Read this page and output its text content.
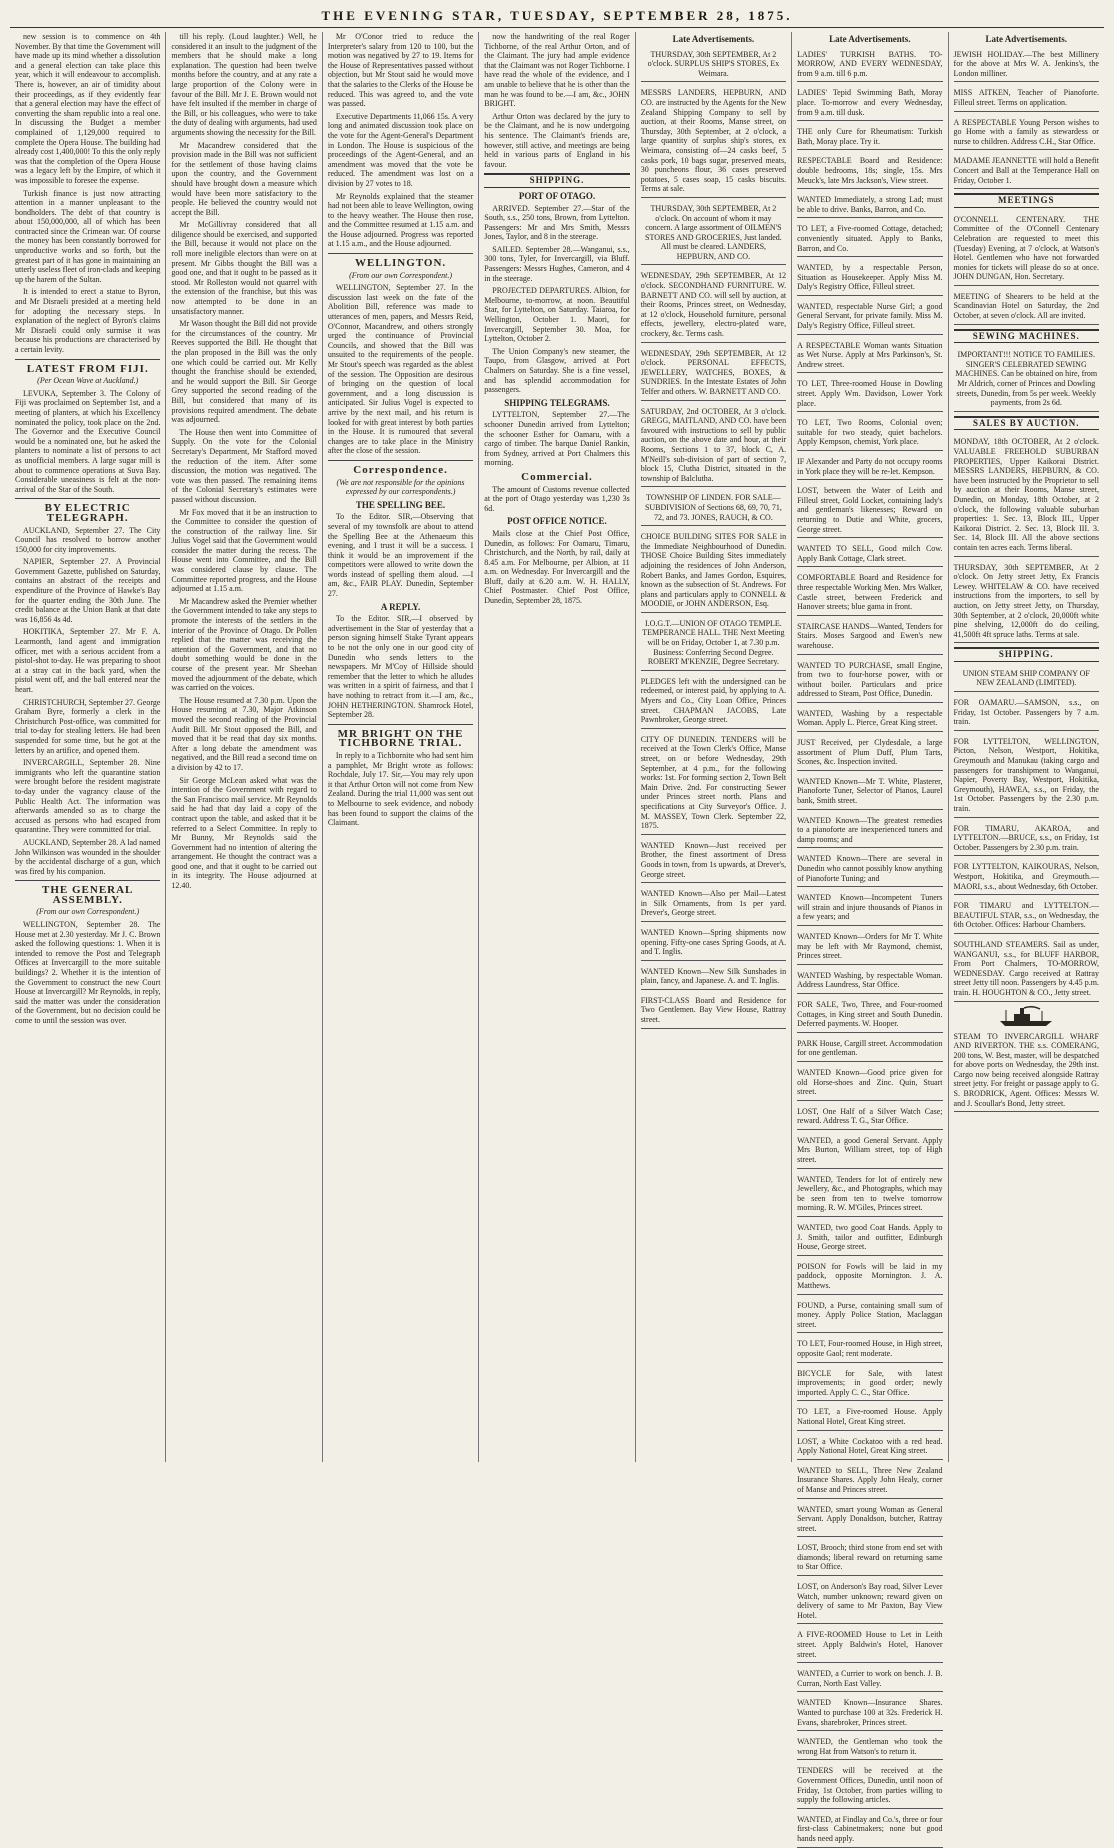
THE EVENING STAR, TUESDAY, SEPTEMBER 28, 1875.

new session is to commence on 4th November. By that time the Government will have made up its mind whether a dissolution and a general election can take place this year, which it will endeavour to accomplish. There is, however, an air of timidity about their proceedings, as if they evidently fear that a general election may have the effect of converting the sham republic into a real one. In discussing the Budget a member complained of 1,129,000 required to complete the Opera House. The building had already cost 1,400,000! To this the only reply was that the completion of the Opera House was a legacy left by the Empire, of which it was impossible to foresee the expense.

Turkish finance is just now attracting attention in a manner unpleasant to the bondholders. The debt of that country is about 150,000,000, all of which has been contracted since the Crimean war. Of course the money has been constantly borrowed for unproductive works and so forth, but the greatest part of it has gone in maintaining an utterly useless fleet of iron-clads and keeping up the harem of the Sultan.

It is intended to erect a statue to Byron, and Mr Disraeli presided at a meeting held for adopting the necessary steps. In explanation of the neglect of Byron's claims Mr Disraeli could only surmise it was because his productions are characterised by a certain levity.

LATEST FROM FIJI.
(Per Ocean Wave at Auckland.)

LEVUKA, September 3. The Colony of Fiji was proclaimed on September 1st, and a meeting of planters, at which his Excellency nominated the policy, took place on the 2nd. The Governor and the Executive Council would be a nominated one, but he asked the planters to nominate a list of persons to act as unofficial members. A large sugar mill is about to commence operations at Suva Bay. Considerable uneasiness is felt at the non-arrival of the Star of the South.

BY ELECTRIC TELEGRAPH.

AUCKLAND, September 27. The City Council has resolved to borrow another 150,000 for city improvements.

NAPIER, September 27. A Provincial Government Gazette, published on Saturday, contains an abstract of the receipts and expenditure of the Province of Hawke's Bay for the quarter ending the 30th June. The credit balance at the Union Bank at that date was 16,856 4s 4d.

HOKITIKA, September 27. Mr F. A. Learmonth, land agent and immigration officer, met with a serious accident from a pistol-shot to-day. He was preparing to shoot at a stray cat in the back yard, when the pistol went off, and the ball entered near the heart.

CHRISTCHURCH, September 27. George Graham Byre, formerly a clerk in the Christchurch Post-office, was committed for trial to-day for stealing letters. He had been suspended for some time, but he got at the letters by an artifice, and opened them.

INVERCARGILL, September 28. Nine immigrants who left the quarantine station were brought before the resident magistrate to-day under the vagrancy clause of the Public Health Act. The information was afterwards amended so as to charge the accused as persons who had escaped from quarantine. They were committed for trial.

AUCKLAND, September 28. A lad named John Wilkinson was wounded in the shoulder by the accidental discharge of a gun, which was fired by his companion.

THE GENERAL ASSEMBLY.
(From our own Correspondent.)

WELLINGTON, September 28. The House met at 2.30 yesterday. Mr J. C. Brown asked the following questions: 1. When it is intended to remove the Post and Telegraph Offices at Invercargill to the more suitable buildings? 2. Whether it is the intention of the Government to construct the new Court House at Invercargill? Mr Reynolds, in reply, said the matter was under the consideration of the Government, but no decision could be come to until the session was over.

till his reply. (Loud laughter.) Well, he considered it an insult to the judgment of the members that he should make a long explanation. The question had been twelve months before the country, and at any rate a large proportion of the Colony were in favour of the Bill. Mr J. E. Brown would not have felt insulted if the member in charge of the Bill, or his colleagues, who were to take the duty of dealing with arguments, had used arguments showing the necessity for the Bill.

Mr Macandrew considered that the provision made in the Bill was not sufficient for the settlement of those having claims upon the country, and the Government should have brought down a measure which would have been more satisfactory to the people. He believed the country would not accept the Bill.

Mr McGillivray considered that all diligence should be exercised, and supported the Bill, because it would not place on the roll more ineligible electors than were on at present. Mr Gibbs thought the Bill was a good one, and that it ought to be passed as it stood. Mr Rolleston would not quarrel with the extension of the franchise, but this was now attempted to be done in an unsatisfactory manner.

Mr Wason thought the Bill did not provide for the circumstances of the country. Mr Reeves supported the Bill. He thought that the plan proposed in the Bill was the only one which could be carried out. Mr Kelly thought the franchise should be extended, and he would support the Bill. Sir George Grey supported the second reading of the Bill, but considered that many of its provisions required amendment. The debate was adjourned.

The House then went into Committee of Supply. On the vote for the Colonial Secretary's Department, Mr Stafford moved the reduction of the item. After some discussion, the motion was negatived. The vote was then passed. The remaining items of the Colonial Secretary's estimates were passed without discussion.

Mr Fox moved that it be an instruction to the Committee to consider the question of the construction of the railway line. Sir Julius Vogel said that the Government would consider the matter during the recess. The House went into Committee, and the Bill was considered clause by clause. The Committee reported progress, and the House adjourned at 1.15 a.m.

Mr Macandrew asked the Premier whether the Government intended to take any steps to promote the interests of the settlers in the interior of the Province of Otago. Dr Pollen replied that the matter was receiving the attention of the Government, and that no doubt something would be done in the course of the present year. Mr Sheehan moved the adjournment of the debate, which was carried on the voices.

The House resumed at 7.30 p.m. Upon the House resuming at 7.30, Major Atkinson moved the second reading of the Provincial Audit Bill. Mr Stout opposed the Bill, and moved that it be read that day six months. After a long debate the amendment was negatived, and the Bill read a second time on a division by 42 to 17.

Sir George McLean asked what was the intention of the Government with regard to the San Francisco mail service. Mr Reynolds said he had that day laid a copy of the contract upon the table, and asked that it be referred to a Select Committee. In reply to Mr Bunny, Mr Reynolds said the Government had no intention of altering the arrangement. He thought the contract was a good one, and that it ought to be carried out in its integrity. The House adjourned at 12.40.

Mr O'Conor tried to reduce the Interpreter's salary from 120 to 100, but the motion was negatived by 27 to 19. Items for the House of Representatives passed without objection, but Mr Stout said he would move that the salaries to the Clerks of the House be reduced. This was agreed to, and the vote was passed.

Executive Departments 11,066 15s. A very long and animated discussion took place on the vote for the Agent-General's Department in London. The House is suspicious of the proceedings of the Agent-General, and an amendment was moved that the vote be reduced. The amendment was lost on a division by 27 votes to 18.

Mr Reynolds explained that the steamer had not been able to leave Wellington, owing to the heavy weather. The House then rose, and the Committee resumed at 1.15 a.m. and the House adjourned. Progress was reported at 1.15 a.m., and the House adjourned.

WELLINGTON.
(From our own Correspondent.)

WELLINGTON, September 27. In the discussion last week on the fate of the Abolition Bill, reference was made to utterances of men, papers, and Messrs Reid, O'Connor, Macandrew, and others strongly urged the continuance of Provincial Councils, and showed that the Bill was unsuited to the requirements of the people. Mr Stout's speech was regarded as the ablest of the session. The Opposition are desirous of bringing on the question of local government, and a long discussion is anticipated. Sir Julius Vogel is expected to arrive by the next mail, and his return is looked for with great interest by both parties in the House. It is rumoured that several changes are to take place in the Ministry after the close of the session.

Correspondence.
(We are not responsible for the opinions expressed by our correspondents.)
THE SPELLING BEE.

To the Editor. SIR,—Observing that several of my townsfolk are about to attend the Spelling Bee at the Athenaeum this evening, and I trust it will be a success. I think it would be an improvement if the competitors were allowed to write down the words instead of spelling them aloud. —I am, &c., FAIR PLAY. Dunedin, September 27.

A REPLY.

To the Editor. SIR,—I observed by advertisement in the Star of yesterday that a person signing himself Stake Tyrant appears to be not the only one in our good city of Dunedin who sends letters to the newspapers. Mr M'Coy of Hillside should remember that the letter to which he alludes was written in a spirit of fairness, and that I have nothing to retract from it.—I am, &c., JOHN HETHERINGTON. Shamrock Hotel, September 28.

MR BRIGHT ON THE TICHBORNE TRIAL.

In reply to a Tichbornite who had sent him a pamphlet, Mr Bright wrote as follows: Rochdale, July 17. Sir,—You may rely upon it that Arthur Orton will not come from New Zealand. During the trial 11,000 was sent out to Melbourne to seek evidence, and nobody has been found to support the claims of the Claimant.

now the handwriting of the real Roger Tichborne, of the real Arthur Orton, and of the Claimant. The jury had ample evidence that the Claimant was not Roger Tichborne. I have read the whole of the evidence, and I am unable to believe that he is other than the man he was found to be.—I am, &c., JOHN BRIGHT.

Arthur Orton was declared by the jury to be the Claimant, and he is now undergoing his sentence. The Claimant's friends are, however, still active, and meetings are being held in various parts of England in his favour.

SHIPPING.
PORT OF OTAGO.

ARRIVED. September 27.—Star of the South, s.s., 250 tons, Brown, from Lyttelton. Passengers: Mr and Mrs Smith, Messrs Jones, Taylor, and 8 in the steerage.

SAILED. September 28.—Wanganui, s.s., 300 tons, Tyler, for Invercargill, via Bluff. Passengers: Messrs Hughes, Cameron, and 4 in the steerage.

PROJECTED DEPARTURES. Albion, for Melbourne, to-morrow, at noon. Beautiful Star, for Lyttelton, on Saturday. Taiaroa, for Wellington, October 1. Maori, for Invercargill, September 30. Moa, for Lyttelton, October 2.

The Union Company's new steamer, the Taupo, from Glasgow, arrived at Port Chalmers on Saturday. She is a fine vessel, and has splendid accommodation for passengers.

SHIPPING TELEGRAMS.

LYTTELTON, September 27.—The schooner Dunedin arrived from Lyttelton; the schooner Esther for Oamaru, with a cargo of timber. The barque Daniel Rankin, from Sydney, arrived at Port Chalmers this morning.

Commercial.

The amount of Customs revenue collected at the port of Otago yesterday was 1,230 3s 6d.

POST OFFICE NOTICE.

Mails close at the Chief Post Office, Dunedin, as follows: For Oamaru, Timaru, Christchurch, and the North, by rail, daily at 8.45 a.m. For Melbourne, per Albion, at 11 a.m. on Wednesday. For Invercargill and the Bluff, daily at 6.20 a.m. W. H. HALLY, Chief Postmaster. Chief Post Office, Dunedin, September 28, 1875.

Late Advertisements.

THURSDAY, 30th SEPTEMBER, At 2 o'clock. SURPLUS SHIP'S STORES, Ex Weimara.

MESSRS LANDERS, HEPBURN, AND CO. are instructed by the Agents for the New Zealand Shipping Company to sell by auction, at their Rooms, Manse street, on Thursday, 30th September, at 2 o'clock, a large quantity of surplus ship's stores, ex Weimara, consisting of—24 casks beef, 5 casks pork, 10 bags sugar, preserved meats, 30 puncheons flour, 36 cases preserved potatoes, 5 cases soap, 15 casks biscuits. Terms at sale.

THURSDAY, 30th SEPTEMBER, At 2 o'clock. On account of whom it may concern. A large assortment of OILMEN'S STORES AND GROCERIES, Just landed. All must be cleared. LANDERS, HEPBURN, AND CO.

WEDNESDAY, 29th SEPTEMBER, At 12 o'clock. SECONDHAND FURNITURE. W. BARNETT AND CO. will sell by auction, at their Rooms, Princes street, on Wednesday, at 12 o'clock, Household furniture, personal effects, jewellery, electro-plated ware, crockery, &c. Terms cash.

WEDNESDAY, 29th SEPTEMBER, At 12 o'clock. PERSONAL EFFECTS, JEWELLERY, WATCHES, BOXES, & SUNDRIES. In the Intestate Estates of John Telfer and others. W. BARNETT AND CO.

SATURDAY, 2nd OCTOBER, At 3 o'clock. GREGG, MAITLAND, AND CO. have been favoured with instructions to sell by public auction, on the above date and hour, at their Rooms, Sections 1 to 37, block C, A. M'Neill's sub-division of part of section 7, block 15, Clutha District, situated in the township of Balclutha.

TOWNSHIP OF LINDEN. FOR SALE—SUBDIVISION of Sections 68, 69, 70, 71, 72, and 73. JONES, RAUCH, & CO.

CHOICE BUILDING SITES FOR SALE in the Immediate Neighbourhood of Dunedin. THOSE Choice Building Sites immediately adjoining the residences of John Anderson, Robert Banks, and James Gordon, Esquires, known as the subsection of St. Andrews. For plans and particulars apply to CONNELL & MOODIE, or JOHN ANDERSON, Esq.

I.O.G.T.—UNION OF OTAGO TEMPLE. TEMPERANCE HALL. THE Next Meeting will be on Friday, October 1, at 7.30 p.m. Business: Conferring Second Degree. ROBERT M'KENZIE, Degree Secretary.

PLEDGES left with the undersigned can be redeemed, or interest paid, by applying to A. Myers and Co., City Loan Office, Princes street. CHAPMAN JACOBS, Late Pawnbroker, George street.

CITY OF DUNEDIN. TENDERS will be received at the Town Clerk's Office, Manse street, on or before Wednesday, 29th September, at 4 p.m., for the following works: 1st. For forming section 2, Town Belt Main Drive. 2nd. For constructing Sewer under Princes street north. Plans and specifications at City Surveyor's Office. J. M. MASSEY, Town Clerk. September 22, 1875.

WANTED Known—Just received per Brother, the finest assortment of Dress Goods in town, from 1s upwards, at Drever's, George street.

WANTED Known—Also per Mail—Latest in Silk Ornaments, from 1s per yard. Drever's, George street.

WANTED Known—Spring shipments now opening. Fifty-one cases Spring Goods, at A. and T. Inglis.

WANTED Known—New Silk Sunshades in plain, fancy, and Japanese. A. and T. Inglis.

FIRST-CLASS Board and Residence for Two Gentlemen. Bay View House, Rattray street.

Late Advertisements.

LADIES' TURKISH BATHS. TO-MORROW, AND EVERY WEDNESDAY, from 9 a.m. till 6 p.m.

LADIES' Tepid Swimming Bath, Moray place. To-morrow and every Wednesday, from 9 a.m. till dusk.

THE only Cure for Rheumatism: Turkish Bath, Moray place. Try it.

RESPECTABLE Board and Residence: double bedrooms, 18s; single, 15s. Mrs Meuck's, late Mrs Jackson's, View street.

WANTED Immediately, a strong Lad; must be able to drive. Banks, Barron, and Co.

TO LET, a Five-roomed Cottage, detached; conveniently situated. Apply to Banks, Barron, and Co.

WANTED, by a respectable Person, Situation as Housekeeper. Apply Miss M. Daly's Registry Office, Filleul street.

WANTED, respectable Nurse Girl; a good General Servant, for private family. Miss M. Daly's Registry Office, Filleul street.

A RESPECTABLE Woman wants Situation as Wet Nurse. Apply at Mrs Parkinson's, St. Andrew street.

TO LET, Three-roomed House in Dowling street. Apply Wm. Davidson, Lower York place.

TO LET, Two Rooms, Colonial oven; suitable for two steady, quiet bachelors. Apply Kempson, chemist, York place.

IF Alexander and Party do not occupy rooms in York place they will be re-let. Kempson.

LOST, between the Water of Leith and Filleul street, Gold Locket, containing lady's and gentleman's likenesses; Reward on returning to Dutie and White, grocers, George street.

WANTED TO SELL, Good milch Cow. Apply Bank Cottage, Clark street.

COMFORTABLE Board and Residence for three respectable Working Men. Mrs Walker, Castle street, between Frederick and Hanover streets; blue gama in front.

STAIRCASE HANDS—Wanted, Tenders for Stairs. Moses Sargood and Ewen's new warehouse.

WANTED TO PURCHASE, small Engine, from two to four-horse power, with or without boiler. Particulars and price addressed to Steam, Post Office, Dunedin.

WANTED, Washing by a respectable Woman. Apply L. Pierce, Great King street.

JUST Received, per Clydesdale, a large assortment of Plum Duff, Plum Tarts, Scones, &c. Inspection invited.

WANTED Known—Mr T. White, Plasterer, Pianoforte Tuner, Selector of Pianos, Laurel bank, Smith street.

WANTED Known—The greatest remedies to a pianoforte are inexperienced tuners and damp rooms; and

WANTED Known—There are several in Dunedin who cannot possibly know anything of Pianoforte Tuning; and

WANTED Known—Incompetent Tuners will strain and injure thousands of Pianos in a few years; and

WANTED Known—Orders for Mr T. White may be left with Mr Raymond, chemist, Princes street.

WANTED Washing, by respectable Woman. Address Laundress, Star Office.

FOR SALE, Two, Three, and Four-roomed Cottages, in King street and South Dunedin. Deferred payments. W. Hooper.

PARK House, Cargill street. Accommodation for one gentleman.

WANTED Known—Good price given for old Horse-shoes and Zinc. Quin, Stuart street.

LOST, One Half of a Silver Watch Case; reward. Address T. G., Star Office.

WANTED, a good General Servant. Apply Mrs Burton, William street, top of High street.

WANTED, Tenders for lot of entirely new Jewellery, &c., and Photographs, which may be seen from ten to twelve tomorrow morning. R. W. M'Giles, Princes street.

WANTED, two good Coat Hands. Apply to J. Smith, tailor and outfitter, Edinburgh House, George street.

POISON for Fowls will be laid in my paddock, opposite Mornington. J. A. Matthews.

FOUND, a Purse, containing small sum of money. Apply Police Station, Maclaggan street.

TO LET, Four-roomed House, in High street, opposite Gaol; rent moderate.

BICYCLE for Sale, with latest improvements; in good order; newly imported. Apply C. C., Star Office.

TO LET, a Five-roomed House. Apply National Hotel, Great King street.

LOST, a White Cockatoo with a red head. Apply National Hotel, Great King street.

WANTED to SELL, Three New Zealand Insurance Shares. Apply John Healy, corner of Manse and Princes street.

WANTED, smart young Woman as General Servant. Apply Donaldson, butcher, Rattray street.

LOST, Brooch; third stone from end set with diamonds; liberal reward on returning same to Star Office.

LOST, on Anderson's Bay road, Silver Lever Watch, number unknown; reward given on delivery of same to Mr Paxton, Bay View Hotel.

A FIVE-ROOMED House to Let in Leith street. Apply Baldwin's Hotel, Hanover street.

WANTED, a Currier to work on bench. J. B. Curran, North East Valley.

WANTED Known—Insurance Shares. Wanted to purchase 100 at 32s. Frederick H. Evans, sharebroker, Princes street.

WANTED, the Gentleman who took the wrong Hat from Watson's to return it.

TENDERS will be received at the Government Offices, Dunedin, until noon of Friday, 1st October, from parties willing to supply the following articles.

WANTED, at Findlay and Co.'s, three or four first-class Cabinetmakers; none but good hands need apply.

Late Advertisements.

JEWISH HOLIDAY.—The best Millinery for the above at Mrs W. A. Jenkins's, the London milliner.

MISS AITKEN, Teacher of Pianoforte. Filleul street. Terms on application.

A RESPECTABLE Young Person wishes to go Home with a family as stewardess or nurse to children. Address C.H., Star Office.

MADAME JEANNETTE will hold a Benefit Concert and Ball at the Temperance Hall on Friday, October 1.

MEETINGS

O'CONNELL CENTENARY. THE Committee of the O'Connell Centenary Celebration are requested to meet this (Tuesday) Evening, at 7 o'clock, at Watson's Hotel. Gentlemen who have not forwarded monies for tickets will please do so at once. JOHN DUNGAN, Hon. Secretary.

MEETING of Shearers to be held at the Scandinavian Hotel on Saturday, the 2nd October, at seven o'clock. All are invited.

SEWING MACHINES.

IMPORTANT!!! NOTICE TO FAMILIES. SINGER'S CELEBRATED SEWING MACHINES. Can be obtained on hire, from Mr Aldrich, corner of Princes and Dowling streets, Dunedin, from 5s per week. Weekly payments, from 2s 6d.

SALES BY AUCTION.

MONDAY, 18th OCTOBER, At 2 o'clock. VALUABLE FREEHOLD SUBURBAN PROPERTIES, Upper Kaikorai District. MESSRS LANDERS, HEPBURN, & CO. have been instructed by the Proprietor to sell by auction at their Rooms, Manse street, Dunedin, on Monday, 18th October, at 2 o'clock, the following valuable suburban properties: 1. Sec. 13, Block III., Upper Kaikorai District. 2. Sec. 13, Block III. 3. Sec. 14, Block III. All the above sections contain ten acres each. Terms liberal.

THURSDAY, 30th SEPTEMBER, At 2 o'clock. On Jetty street Jetty, Ex Francis Lewey. WHITELAW & CO. have received instructions from the importers, to sell by auction, on Jetty street Jetty, on Thursday, 30th September, at 2 o'clock, 20,000ft white pine shelving, 12,000ft do do ceiling, 41,500ft 4ft spruce laths. Terms at sale.

SHIPPING.

UNION STEAM SHIP COMPANY OF NEW ZEALAND (LIMITED).

FOR OAMARU.—SAMSON, s.s., on Friday, 1st October. Passengers by 7 a.m. train.

FOR LYTTELTON, WELLINGTON, Picton, Nelson, Westport, Hokitika, Greymouth and Manukau (taking cargo and passengers for transhipment to Wanganui, Napier, Poverty Bay, Westport, Hokitika, Greymouth), HAWEA, s.s., on Friday, the 1st October. Passengers by the 2.30 p.m. train.

FOR TIMARU, AKAROA, and LYTTELTON.—BRUCE, s.s., on Friday, 1st October. Passengers by 2.30 p.m. train.

FOR LYTTELTON, KAIKOURAS, Nelson, Westport, Hokitika, and Greymouth.—MAORI, s.s., about Wednesday, 6th October.

FOR TIMARU and LYTTELTON.—BEAUTIFUL STAR, s.s., on Wednesday, the 6th October. Offices: Harbour Chambers.

SOUTHLAND STEAMERS. Sail as under, WANGANUI, s.s., for BLUFF HARBOR, From Port Chalmers, TO-MORROW, WEDNESDAY. Cargo received at Rattray street Jetty till noon. Passengers by 4.45 p.m. train. H. HOUGHTON & CO., Jetty street.

STEAM TO INVERCARGILL WHARF AND RIVERTON. THE s.s. COMERANG, 200 tons, W. Best, master, will be despatched for above ports on Wednesday, the 29th inst. Cargo now being received alongside Rattray street jetty. For freight or passage apply to G. S. BRODRICK, Agent. Offices: Messrs W. and J. Scoullar's Bond, Jetty street.
